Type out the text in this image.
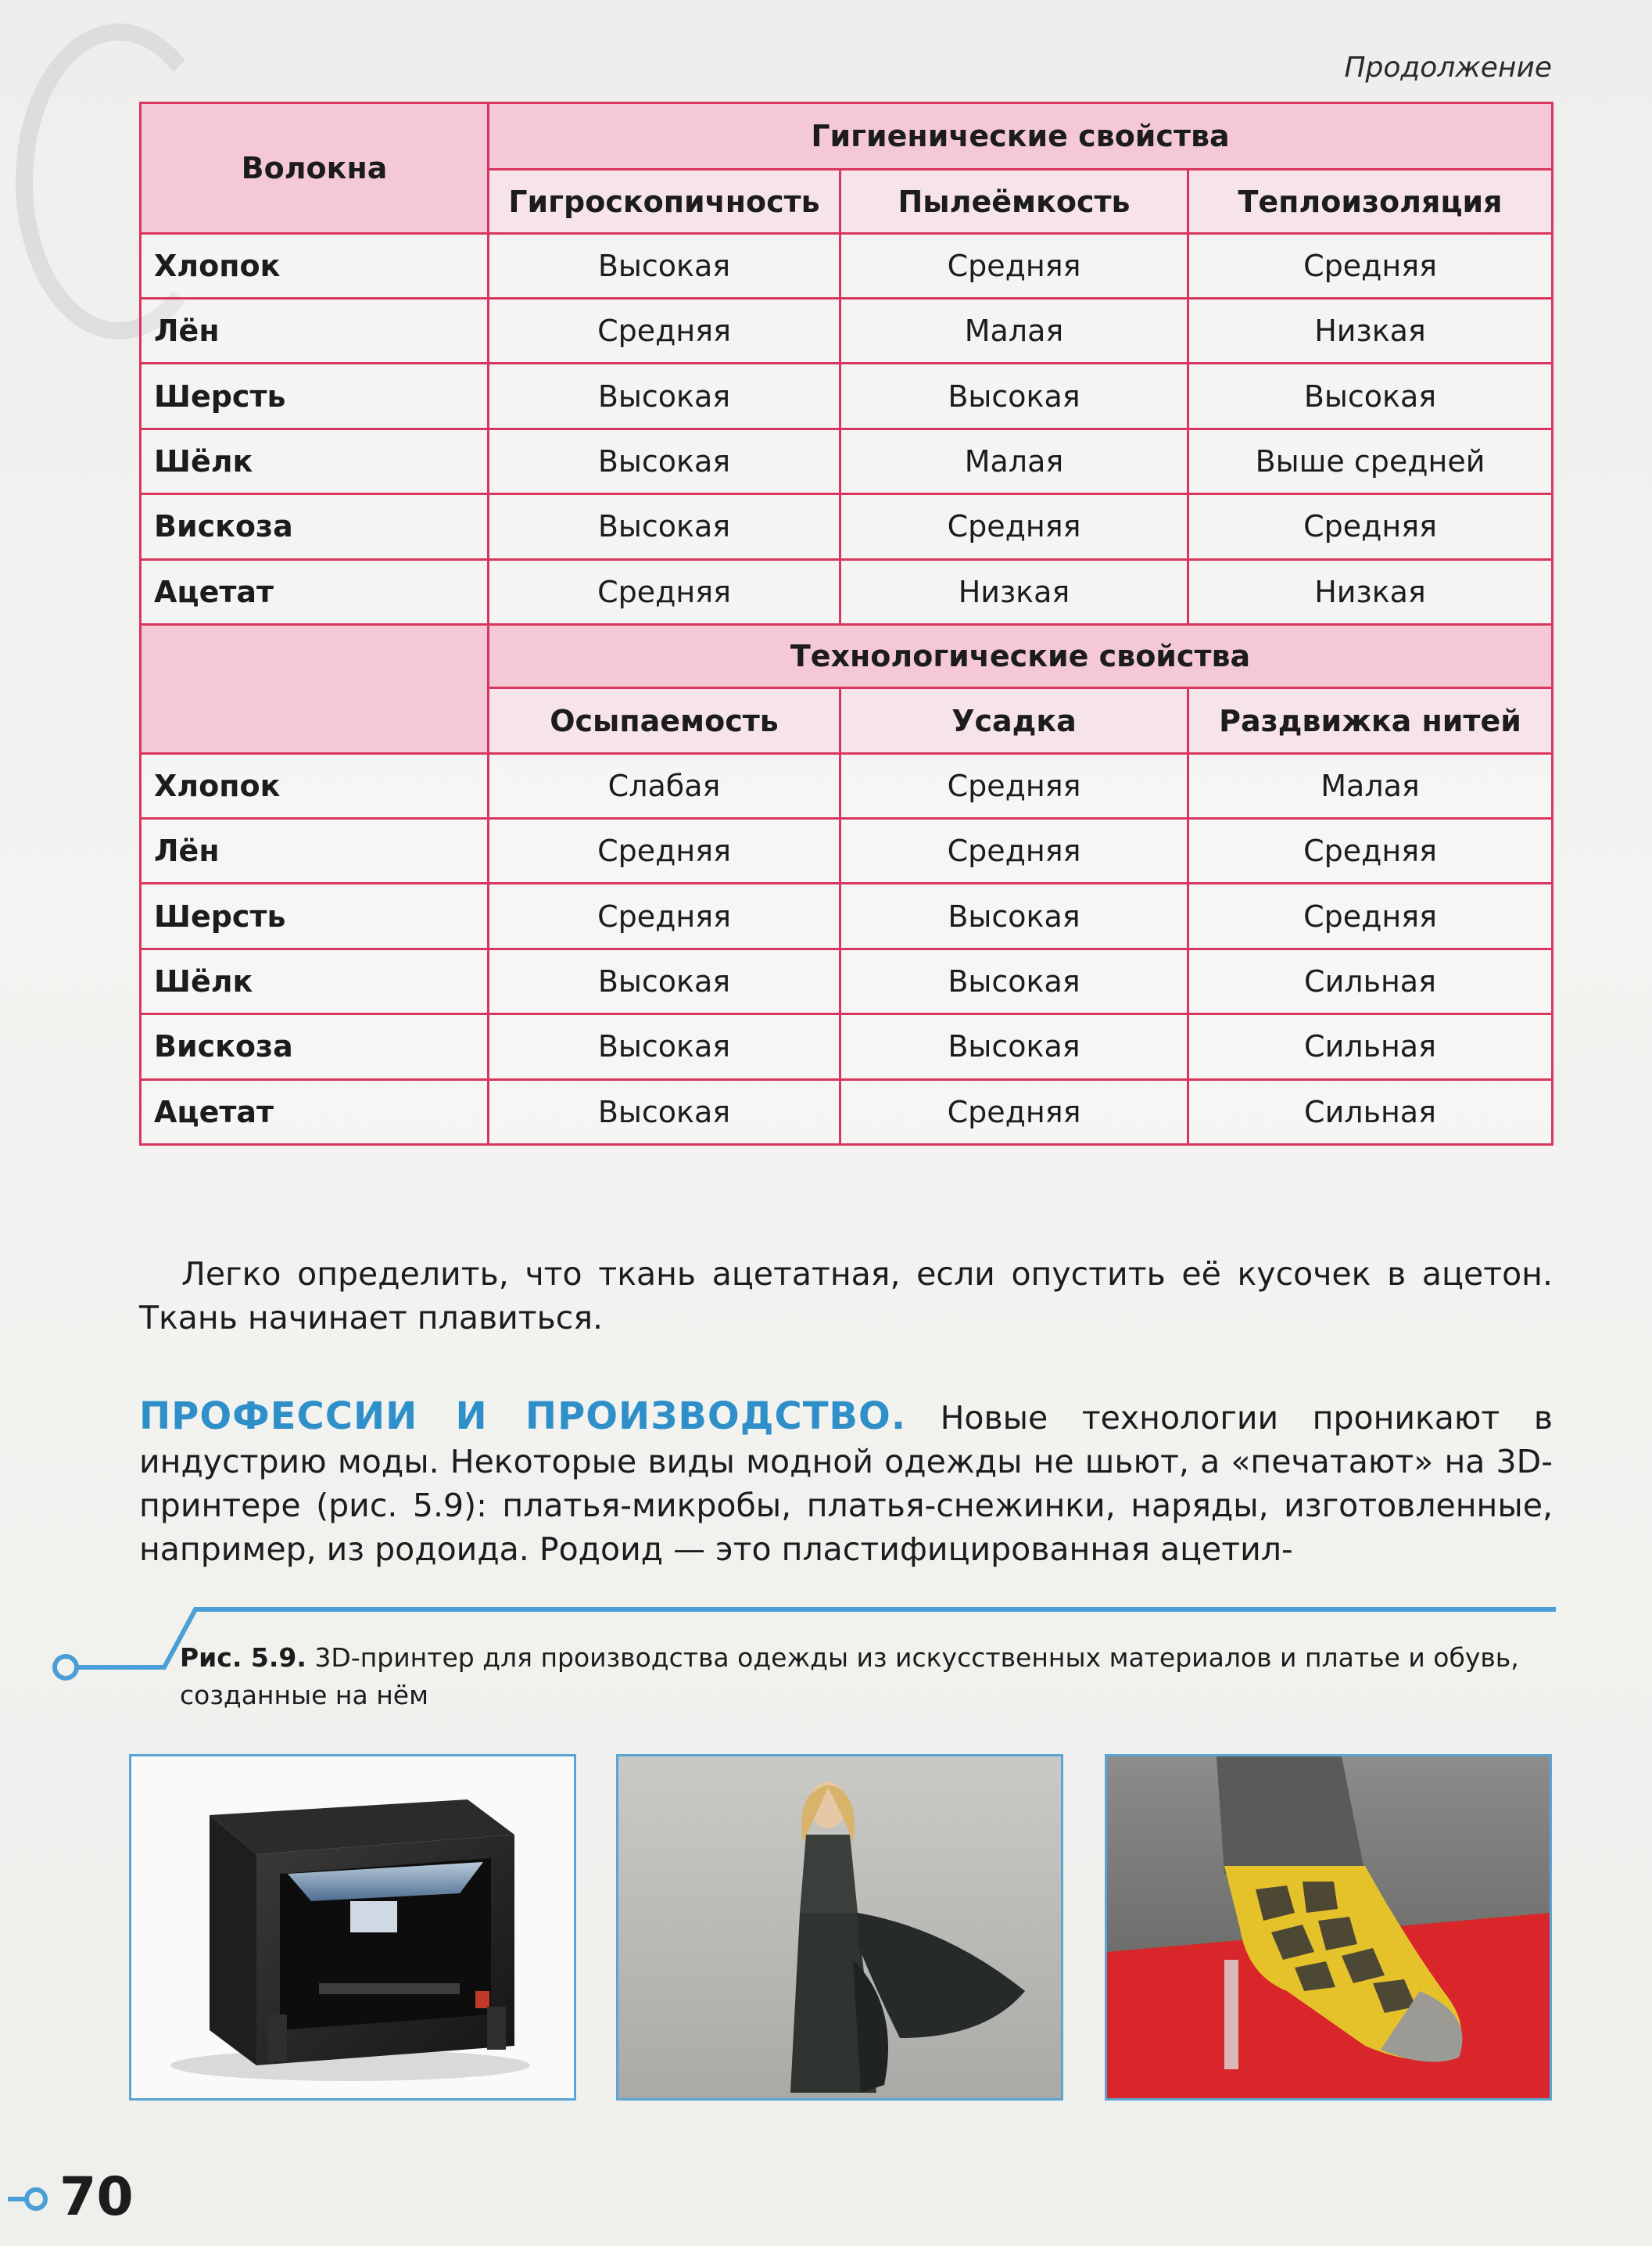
Продолжение
Волокна	Гигиенические свойства		
	Гигроскопичность	Пылеёмкость	Теплоизоляция
Хлопок	Высокая	Средняя	Средняя
Лён	Средняя	Малая	Низкая
Шерсть	Высокая	Высокая	Высокая
Шёлк	Высокая	Малая	Выше средней
Вискоза	Высокая	Средняя	Средняя
Ацетат	Средняя	Низкая	Низкая
	Технологические свойства		
	Осыпаемость	Усадка	Раздвижка нитей
Хлопок	Слабая	Средняя	Малая
Лён	Средняя	Средняя	Средняя
Шерсть	Средняя	Высокая	Средняя
Шёлк	Высокая	Высокая	Сильная
Вискоза	Высокая	Высокая	Сильная
Ацетат	Высокая	Средняя	Сильная

Легко определить, что ткань ацетатная, если опустить её кусочек в ацетон. Ткань начинает плавиться.

ПРОФЕССИИ И ПРОИЗВОДСТВО. Новые технологии проникают в индустрию моды. Некоторые виды модной одежды не шьют, а «печатают» на 3D-принтере (рис. 5.9): платья-микробы, платья-снежинки, наряды, изготовленные, например, из родоида. Родоид — это пластифицированная ацетил-

Рис. 5.9. 3D-принтер для производства одежды из искусственных материалов и платье и обувь, созданные на нём
70
